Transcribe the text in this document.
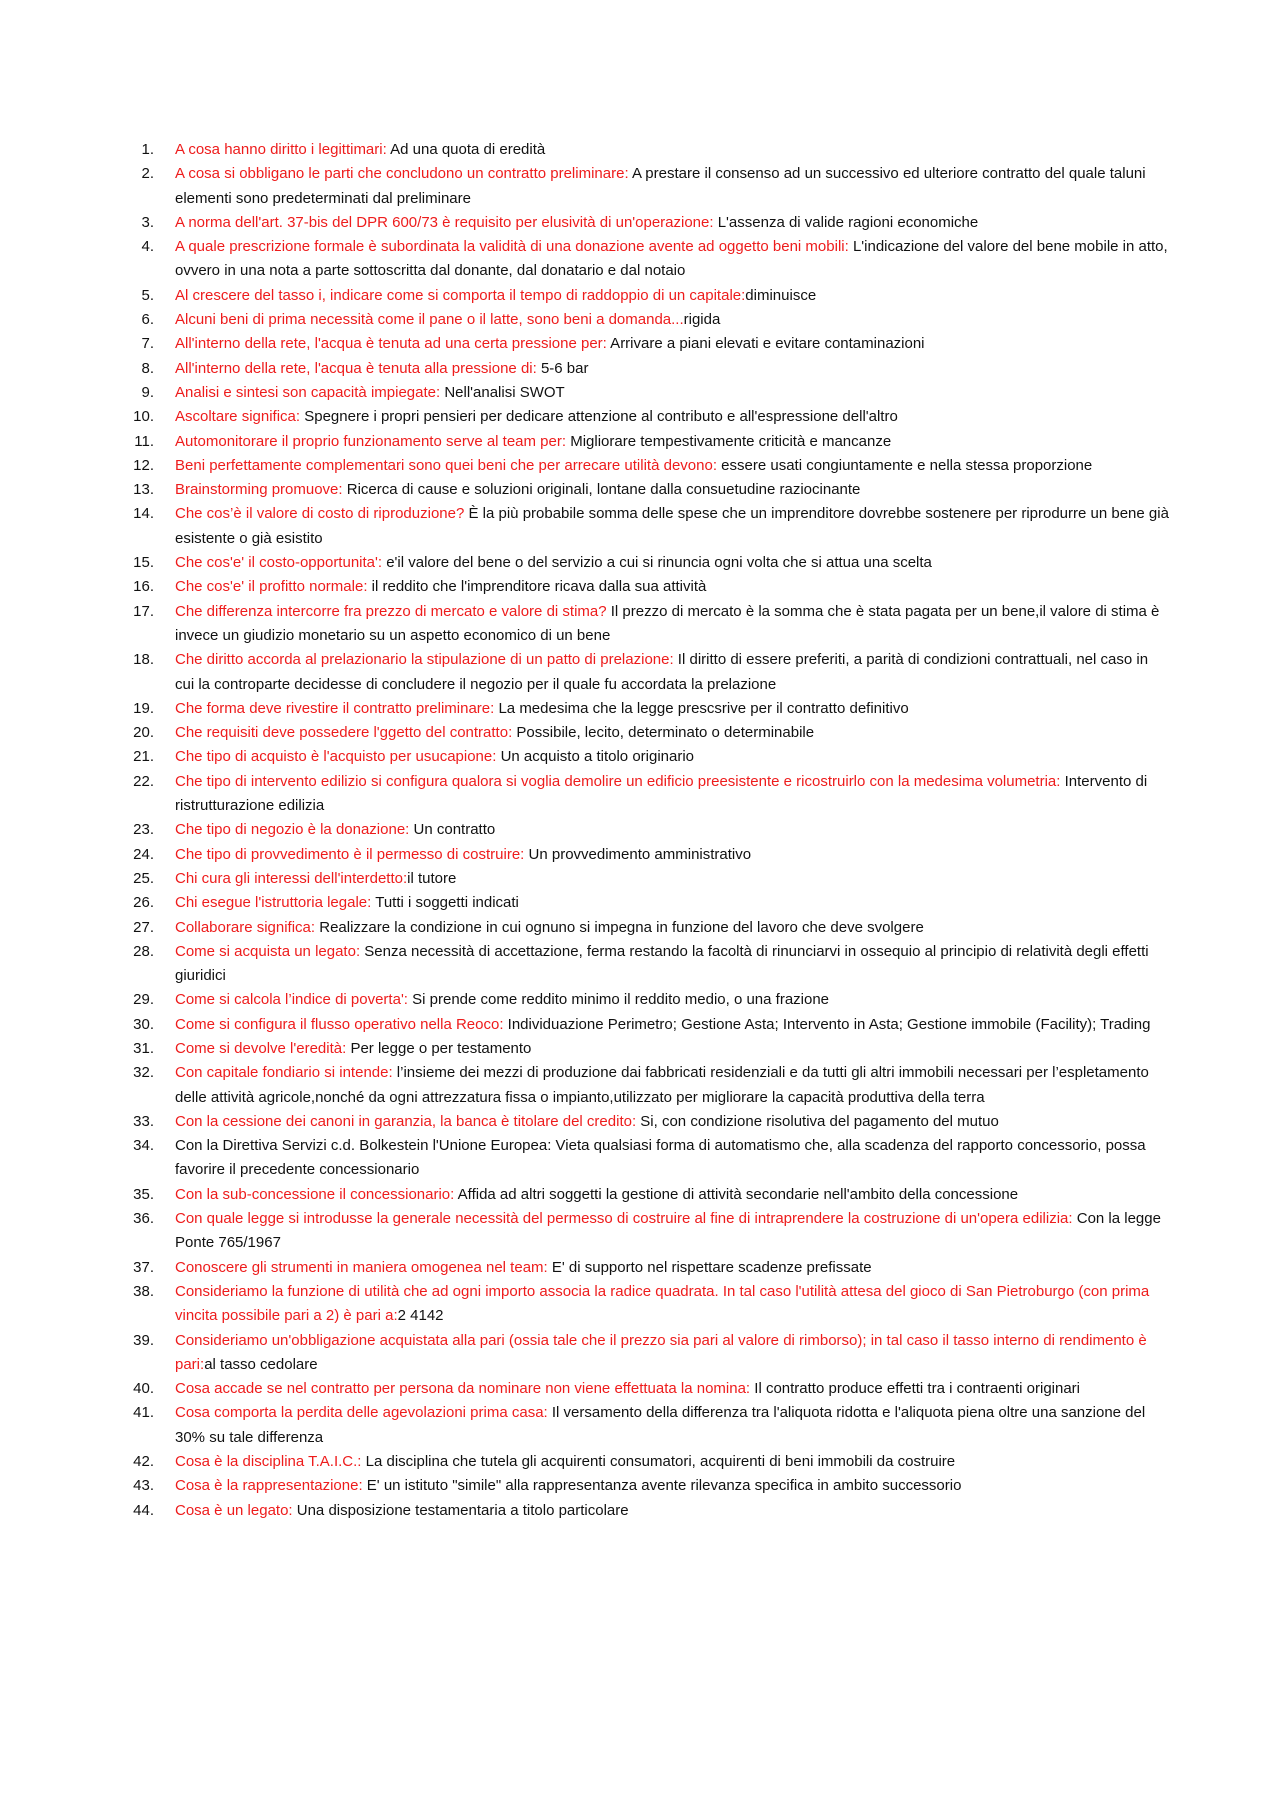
1. A cosa hanno diritto i legittimari: Ad una quota di eredità
2. A cosa si obbligano le parti che concludono un contratto preliminare: A prestare il consenso ad un successivo ed ulteriore contratto del quale taluni elementi sono predeterminati dal preliminare
3. A norma dell'art. 37-bis del DPR 600/73 è requisito per elusività di un'operazione: L'assenza di valide ragioni economiche
4. A quale prescrizione formale è subordinata la validità di una donazione avente ad oggetto beni mobili: L'indicazione del valore del bene mobile in atto, ovvero in una nota a parte sottoscritta dal donante, dal donatario e dal notaio
5. Al crescere del tasso i, indicare come si comporta il tempo di raddoppio di un capitale:diminuisce
6. Alcuni beni di prima necessità come il pane o il latte, sono beni a domanda...rigida
7. All'interno della rete, l'acqua è tenuta ad una certa pressione per: Arrivare a piani elevati e evitare contaminazioni
8. All'interno della rete, l'acqua è tenuta alla pressione di: 5-6 bar
9. Analisi e sintesi son capacità impiegate: Nell'analisi SWOT
10. Ascoltare significa: Spegnere i propri pensieri per dedicare attenzione al contributo e all'espressione dell'altro
11. Automonitorare il proprio funzionamento serve al team per: Migliorare tempestivamente criticità e mancanze
12. Beni perfettamente complementari sono quei beni che per arrecare utilità devono: essere usati congiuntamente e nella stessa proporzione
13. Brainstorming promuove: Ricerca di cause e soluzioni originali, lontane dalla consuetudine raziocinante
14. Che cos’è il valore di costo di riproduzione? È la più probabile somma delle spese che un imprenditore dovrebbe sostenere per riprodurre un bene già esistente o già esistito
15. Che cos'e' il costo-opportunita': e'il valore del bene o del servizio a cui si rinuncia ogni volta che si attua una scelta
16. Che cos'e' il profitto normale: il reddito che l'imprenditore ricava dalla sua attività
17. Che differenza intercorre fra prezzo di mercato e valore di stima? Il prezzo di mercato è la somma che è stata pagata per un bene,il valore di stima è invece un giudizio monetario su un aspetto economico di un bene
18. Che diritto accorda al prelazionario la stipulazione di un patto di prelazione: Il diritto di essere preferiti, a parità di condizioni contrattuali, nel caso in cui la controparte decidesse di concludere il negozio per il quale fu accordata la prelazione
19. Che forma deve rivestire il contratto preliminare: La medesima che la legge prescsrive per il contratto definitivo
20. Che requisiti deve possedere l'ggetto del contratto: Possibile, lecito, determinato o determinabile
21. Che tipo di acquisto è l'acquisto per usucapione: Un acquisto a titolo originario
22. Che tipo di intervento edilizio si configura qualora si voglia demolire un edificio preesistente e ricostruirlo con la medesima volumetria: Intervento di ristrutturazione edilizia
23. Che tipo di negozio è la donazione: Un contratto
24. Che tipo di provvedimento è il permesso di costruire: Un provvedimento amministrativo
25. Chi cura gli interessi dell'interdetto:il tutore
26. Chi esegue l'istruttoria legale: Tutti i soggetti indicati
27. Collaborare significa: Realizzare la condizione in cui ognuno si impegna in funzione del lavoro che deve svolgere
28. Come si acquista un legato: Senza necessità di accettazione, ferma restando la facoltà di rinunciarvi in ossequio al principio di relatività degli effetti giuridici
29. Come si calcola l’indice di poverta': Si prende come reddito minimo il reddito medio, o una frazione
30. Come si configura il flusso operativo nella Reoco: Individuazione Perimetro; Gestione Asta; Intervento in Asta; Gestione immobile (Facility); Trading
31. Come si devolve l'eredità: Per legge o per testamento
32. Con capitale fondiario si intende: l’insieme dei mezzi di produzione dai fabbricati residenziali e da tutti gli altri immobili necessari per l’espletamento delle attività agricole,nonché da ogni attrezzatura fissa o impianto,utilizzato per migliorare la capacità produttiva della terra
33. Con la cessione dei canoni in garanzia, la banca è titolare del credito: Si, con condizione risolutiva del pagamento del mutuo
34. Con la Direttiva Servizi c.d. Bolkestein l'Unione Europea: Vieta qualsiasi forma di automatismo che, alla scadenza del rapporto concessorio, possa favorire il precedente concessionario
35. Con la sub-concessione il concessionario: Affida ad altri soggetti la gestione di attività secondarie nell'ambito della concessione
36. Con quale legge si introdusse la generale necessità del permesso di costruire al fine di intraprendere la costruzione di un'opera edilizia: Con la legge Ponte 765/1967
37. Conoscere gli strumenti in maniera omogenea nel team: E' di supporto nel rispettare scadenze prefissate
38. Consideriamo la funzione di utilità che ad ogni importo associa la radice quadrata. In tal caso l'utilità attesa del gioco di San Pietroburgo (con prima vincita possibile pari a 2) è pari a:2 4142
39. Consideriamo un'obbligazione acquistata alla pari (ossia tale che il prezzo sia pari al valore di rimborso); in tal caso il tasso interno di rendimento è pari:al tasso cedolare
40. Cosa accade se nel contratto per persona da nominare non viene effettuata la nomina: Il contratto produce effetti tra i contraenti originari
41. Cosa comporta la perdita delle agevolazioni prima casa: Il versamento della differenza tra l'aliquota ridotta e l'aliquota piena oltre una sanzione del 30% su tale differenza
42. Cosa è la disciplina T.A.I.C.: La disciplina che tutela gli acquirenti consumatori, acquirenti di beni immobili da costruire
43. Cosa è la rappresentazione: E' un istituto "simile" alla rappresentanza avente rilevanza specifica in ambito successorio
44. Cosa è un legato: Una disposizione testamentaria a titolo particolare
